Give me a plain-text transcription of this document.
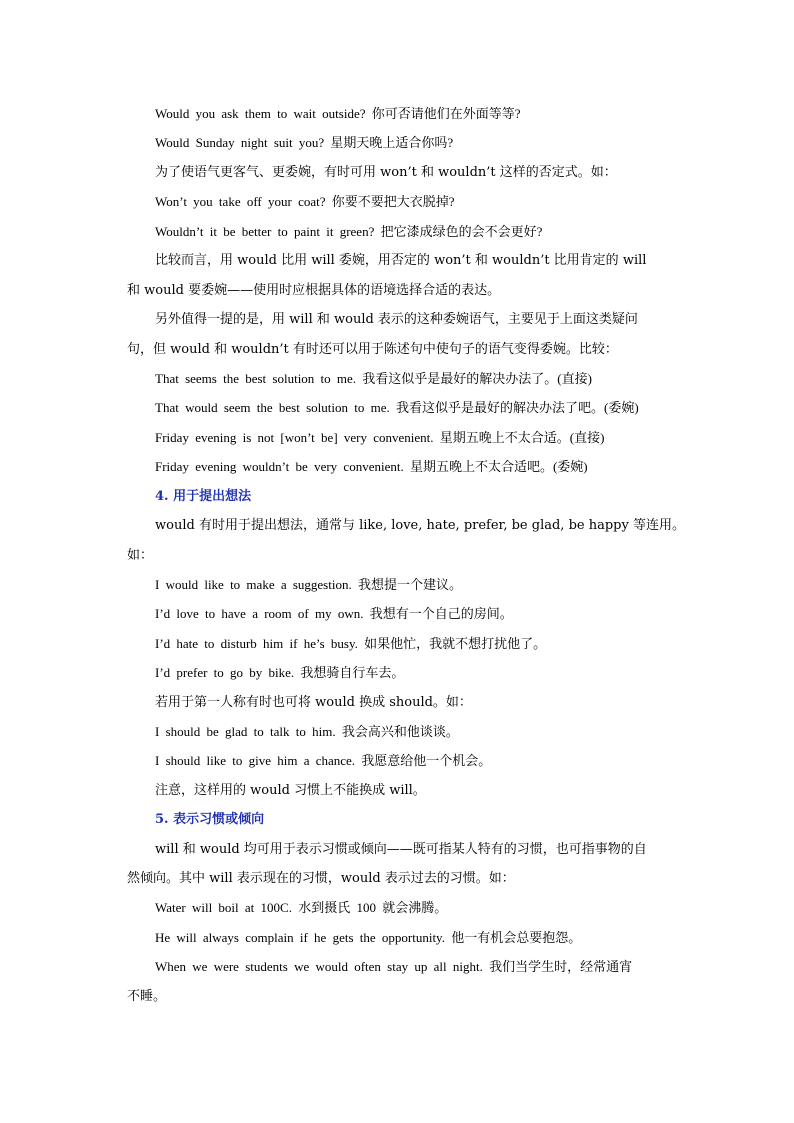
Would you ask them to wait outside? 你可否请他们在外面等等?
Would Sunday night suit you? 星期天晚上适合你吗?
为了使语气更客气、更委婉，有时可用 won’t 和 wouldn’t 这样的否定式。如：
Won’t you take off your coat? 你要不要把大衣脱掉?
Wouldn’t it be better to paint it green? 把它漆成绿色的会不会更好?
比较而言，用 would 比用 will 委婉，用否定的 won’t 和 wouldn’t 比用肯定的 will
和 would 要委婉——使用时应根据具体的语境选择合适的表达。
另外值得一提的是，用 will 和 would 表示的这种委婉语气，主要见于上面这类疑问
句，但 would 和 wouldn’t 有时还可以用于陈述句中使句子的语气变得委婉。比较：
That seems the best solution to me. 我看这似乎是最好的解决办法了。(直接)
That would seem the best solution to me. 我看这似乎是最好的解决办法了吧。(委婉)
Friday evening is not [won’t be] very convenient. 星期五晚上不太合适。(直接)
Friday evening wouldn’t be very convenient. 星期五晚上不太合适吧。(委婉)
4. 用于提出想法
would 有时用于提出想法，通常与 like, love, hate, prefer, be glad, be happy 等连用。
如：
I would like to make a suggestion. 我想提一个建议。
I’d love to have a room of my own. 我想有一个自己的房间。
I’d hate to disturb him if he’s busy. 如果他忙，我就不想打扰他了。
I’d prefer to go by bike. 我想骑自行车去。
若用于第一人称有时也可将 would 换成 should。如：
I should be glad to talk to him. 我会高兴和他谈谈。
I should like to give him a chance. 我愿意给他一个机会。
注意，这样用的 would 习惯上不能换成 will。
5. 表示习惯或倾向
will 和 would 均可用于表示习惯或倾向——既可指某人特有的习惯，也可指事物的自
然倾向。其中 will 表示现在的习惯，would 表示过去的习惯。如：
Water will boil at 100C. 水到摄氏 100 就会沸腾。
He will always complain if he gets the opportunity. 他一有机会总要抱怨。
When we were students we would often stay up all night. 我们当学生时，经常通宵
不睡。
